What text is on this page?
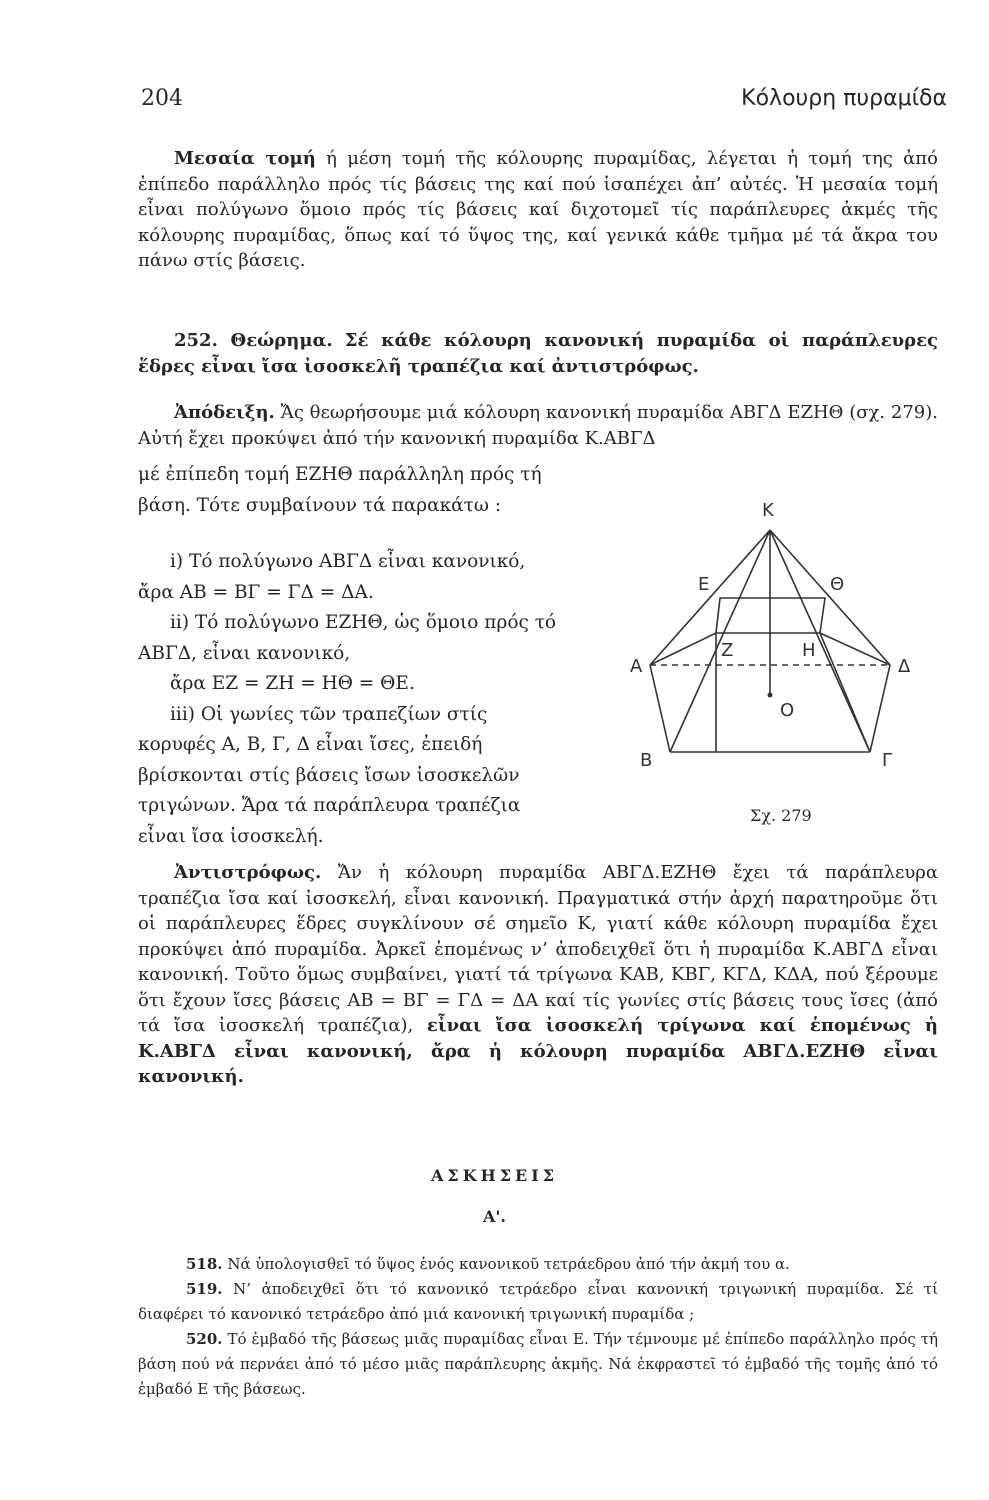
204	Κόλουρη πυραμίδα
Μεσαία τομή ή μέση τομή τῆς κόλουρης πυραμίδας, λέγεται ἡ τομή της ἀπό ἐπίπεδο παράλληλο πρός τίς βάσεις της καί πού ἰσαπέχει ἀπ’ αὐτές. Ἡ μεσαία τομή εἶναι πολύγωνο ὅμοιο πρός τίς βάσεις καί διχοτομεῖ τίς παράπλευρες ἀκμές τῆς κόλουρης πυραμίδας, ὅπως καί τό ὕψος της, καί γενικά κάθε τμῆμα μέ τά ἄκρα του πάνω στίς βάσεις.
252. Θεώρημα. Σέ κάθε κόλουρη κανονική πυραμίδα οἱ παράπλευρες ἕδρες εἶναι ἴσα ἰσοσκελῆ τραπέζια καί ἀντιστρόφως.
Ἀπόδειξη. Ἄς θεωρήσουμε μιά κόλουρη κανονική πυραμίδα ΑΒΓΔ ΕΖΗΘ (σχ. 279). Αὐτή ἔχει προκύψει ἀπό τήν κανονική πυραμίδα Κ.ΑΒΓΔ

μέ ἐπίπεδη τομή ΕΖΗΘ παράλληλη πρός τή βάση. Τότε συμβαίνουν τά παρακάτω :

i) Τό πολύγωνο ΑΒΓΔ εἶναι κανονικό, ἄρα ΑΒ = ΒΓ = ΓΔ = ΔΑ.

ii) Τό πολύγωνο ΕΖΗΘ, ὡς ὅμοιο πρός τό ΑΒΓΔ, εἶναι κανονικό,

ἄρα ΕΖ = ΖΗ = ΗΘ = ΘΕ.

iii) Οἱ γωνίες τῶν τραπεζίων στίς κορυφές Α, Β, Γ, Δ εἶναι ἴσες, ἐπειδή βρίσκονται στίς βάσεις ἴσων ἰσοσκελῶν τριγώνων. Ἄρα τά παράπλευρα τραπέζια εἶναι ἴσα ἰσοσκελή.

K
E	Θ
A
Z	H
Δ
O
B	Γ
Σχ. 279
Ἀντιστρόφως. Ἄν ἡ κόλουρη πυραμίδα ΑΒΓΔ.ΕΖΗΘ ἔχει τά παράπλευρα τραπέζια ἴσα καί ἰσοσκελή, εἶναι κανονική. Πραγματικά στήν ἀρχή παρατηροῦμε ὅτι οἱ παράπλευρες ἕδρες συγκλίνουν σέ σημεῖο Κ, γιατί κάθε κόλουρη πυραμίδα ἔχει προκύψει ἀπό πυραμίδα. Ἀρκεῖ ἑπομένως ν’ ἀποδειχθεῖ ὅτι ἡ πυραμίδα Κ.ΑΒΓΔ εἶναι κανονική. Τοῦτο ὅμως συμβαίνει, γιατί τά τρίγωνα ΚΑΒ, ΚΒΓ, ΚΓΔ, ΚΔΑ, πού ξέρουμε ὅτι ἔχουν ἴσες βάσεις ΑΒ = ΒΓ = ΓΔ = ΔΑ καί τίς γωνίες στίς βάσεις τους ἴσες (ἀπό τά ἴσα ἰσοσκελή τραπέζια), εἶναι ἴσα ἰσοσκελή τρίγωνα καί ἑπομένως ἡ Κ.ΑΒΓΔ εἶναι κανονική, ἄρα ἡ κόλουρη πυραμίδα ΑΒΓΔ.ΕΖΗΘ εἶναι κανονική.
ΑΣΚΗΣΕΙΣ
Α'.

518. Νά ὑπολογισθεῖ τό ὕψος ἑνός κανονικοῦ τετράεδρου ἀπό τήν ἀκμή του α.

519. Ν’ ἀποδειχθεῖ ὅτι τό κανονικό τετράεδρο εἶναι κανονική τριγωνική πυραμίδα. Σέ τί διαφέρει τό κανονικό τετράεδρο ἀπό μιά κανονική τριγωνική πυραμίδα ;

520. Τό ἐμβαδό τῆς βάσεως μιᾶς πυραμίδας εἶναι Ε. Τήν τέμνουμε μέ ἐπίπεδο παράλληλο πρός τή βάση πού νά περνάει ἀπό τό μέσο μιᾶς παράπλευρης ἀκμῆς. Νά ἐκφραστεῖ τό ἐμβαδό τῆς τομῆς ἀπό τό ἐμβαδό Ε τῆς βάσεως.
